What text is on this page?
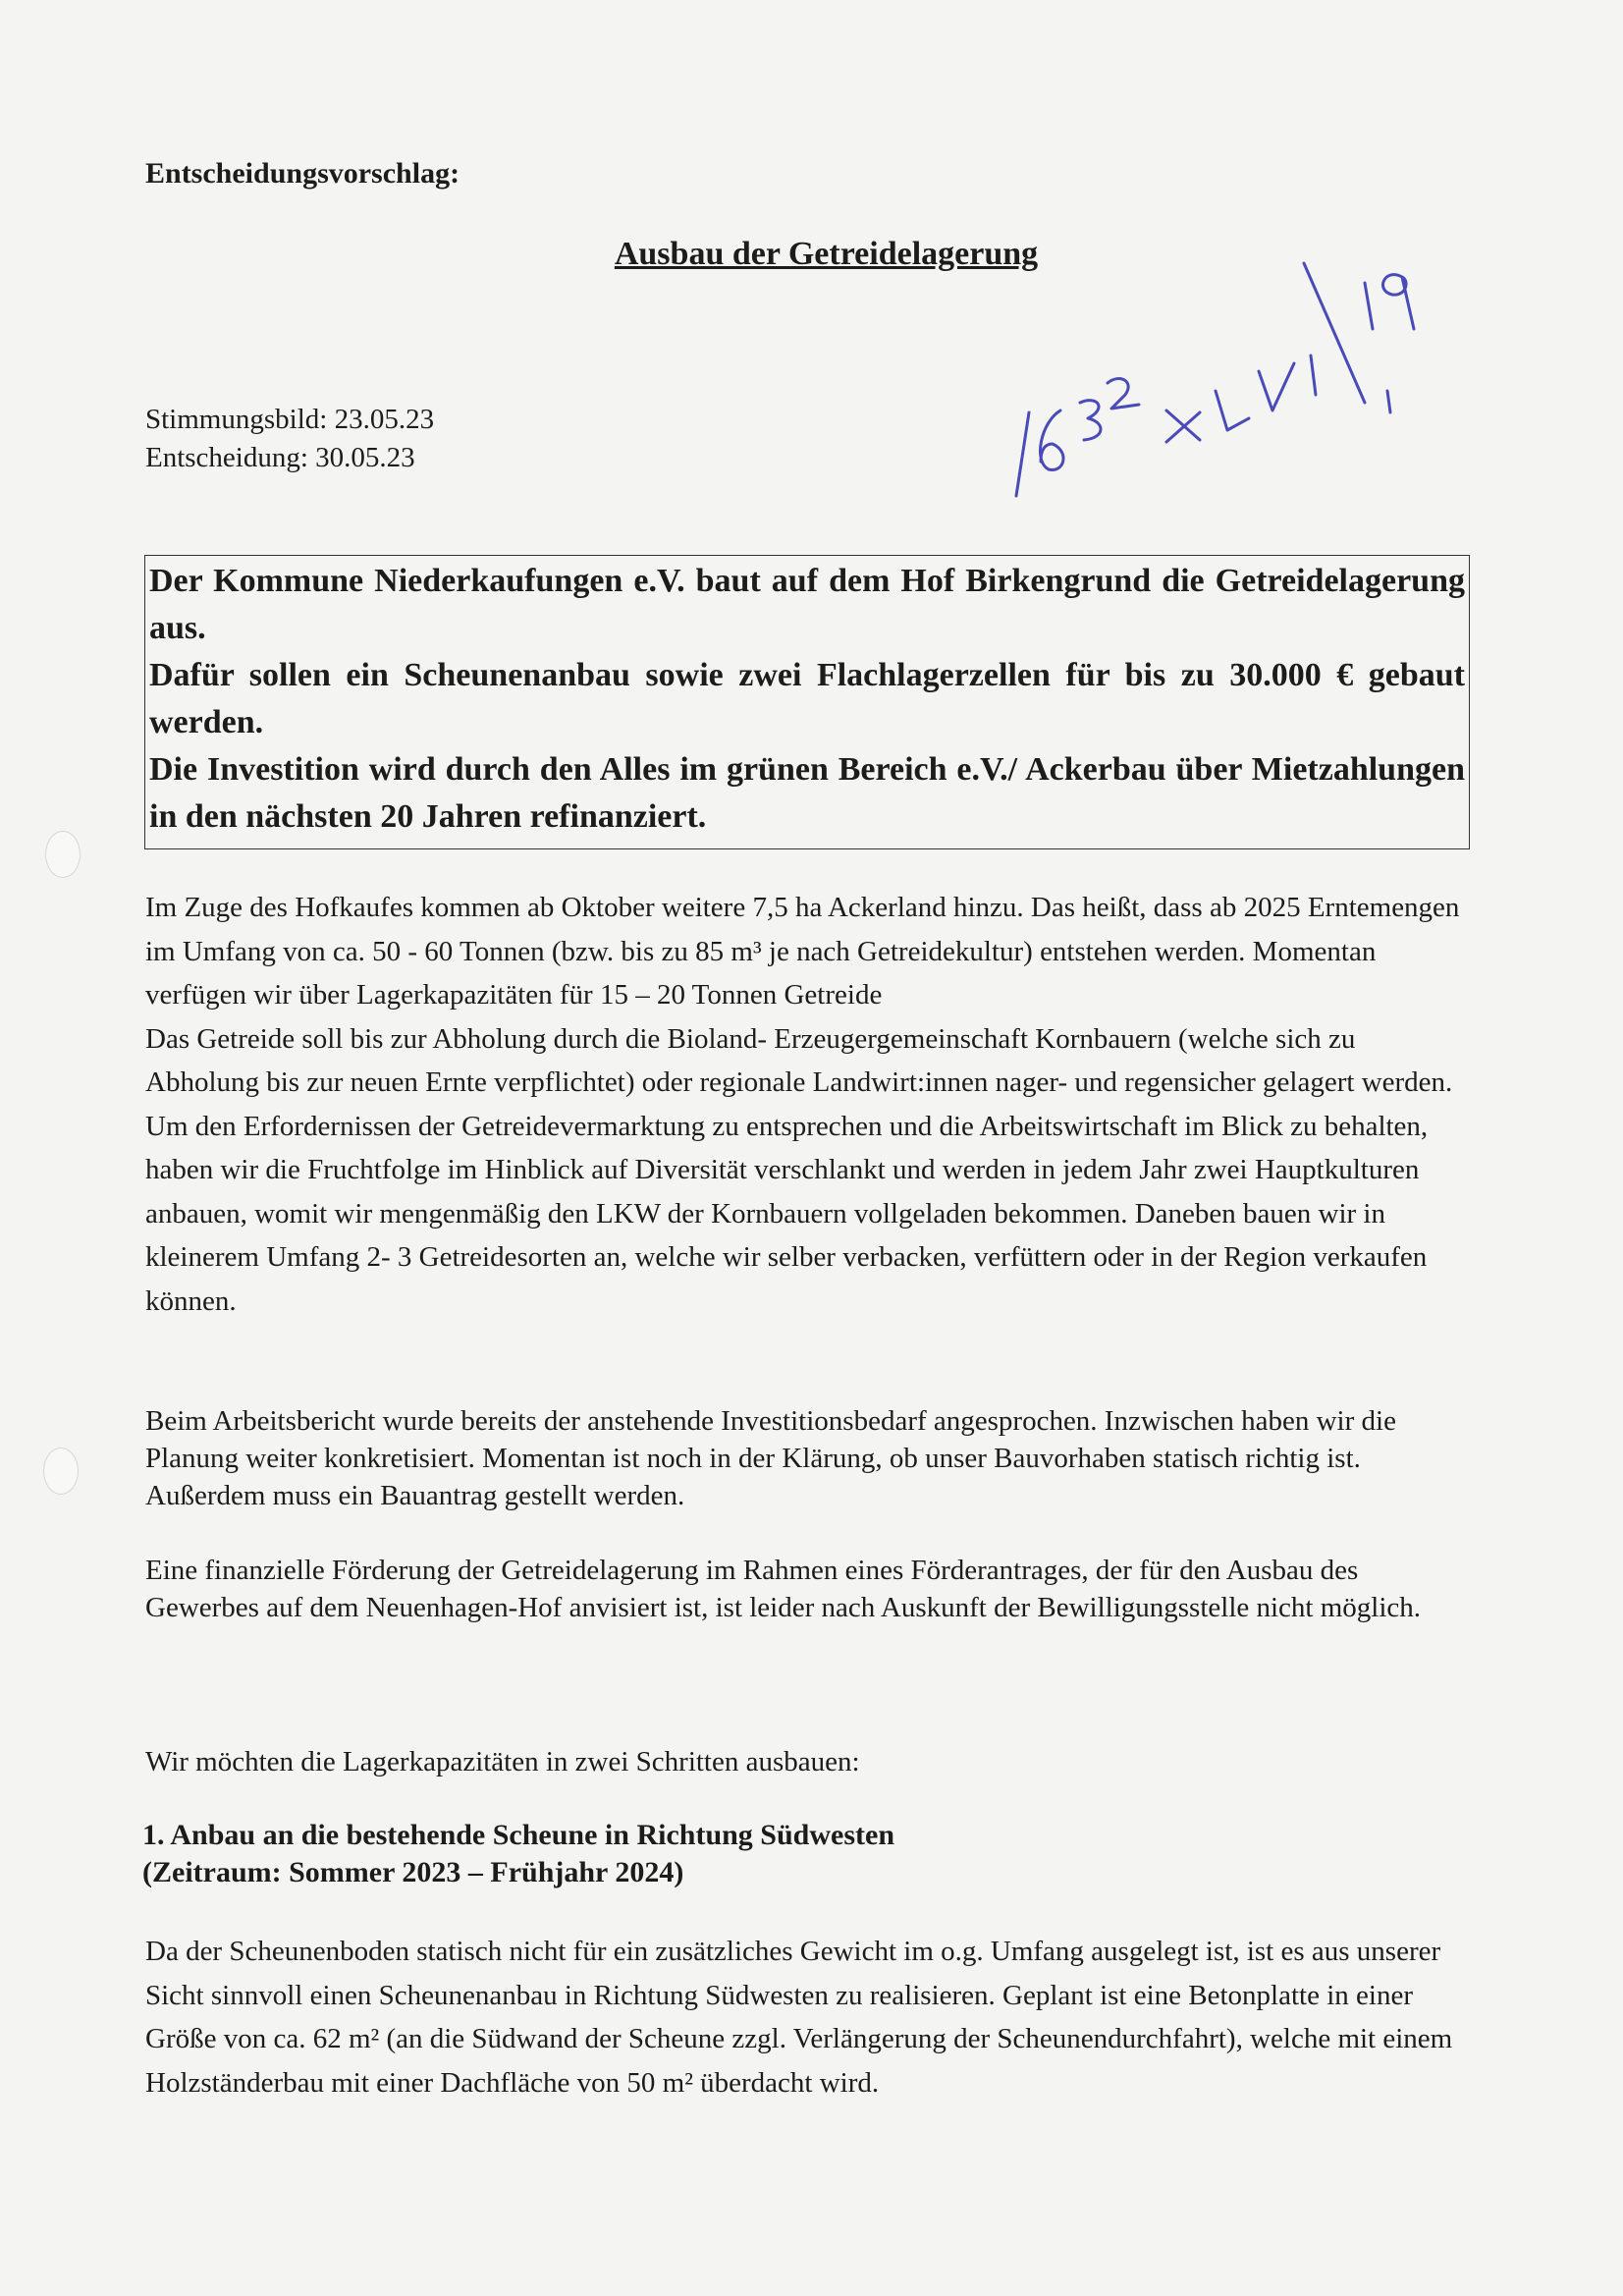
Entscheidungsvorschlag:
Ausbau der Getreidelagerung
Stimmungsbild: 23.05.23
Entscheidung: 30.05.23

Der Kommune Niederkaufungen e.V. baut auf dem Hof Birkengrund die Getreidelagerung aus.

Dafür sollen ein Scheunenanbau sowie zwei Flachlagerzellen für bis zu 30.000 € gebaut werden.

Die Investition wird durch den Alles im grünen Bereich e.V./ Ackerbau über Mietzahlungen in den nächsten 20 Jahren refinanziert.

Im Zuge des Hofkaufes kommen ab Oktober weitere 7,5 ha Ackerland hinzu. Das heißt, dass ab 2025 Erntemengen im Umfang von ca. 50 - 60 Tonnen (bzw. bis zu 85 m³ je nach Getreidekultur) entstehen werden. Momentan verfügen wir über Lagerkapazitäten für 15 – 20 Tonnen Getreide

Das Getreide soll bis zur Abholung durch die Bioland- Erzeugergemeinschaft Kornbauern (welche sich zu Abholung bis zur neuen Ernte verpflichtet) oder regionale Landwirt:innen nager- und regensicher gelagert werden.

Um den Erfordernissen der Getreidevermarktung zu entsprechen und die Arbeitswirtschaft im Blick zu behalten, haben wir die Fruchtfolge im Hinblick auf Diversität verschlankt und werden in jedem Jahr zwei Hauptkulturen anbauen, womit wir mengenmäßig den LKW der Kornbauern vollgeladen bekommen. Daneben bauen wir in kleinerem Umfang 2- 3 Getreidesorten an, welche wir selber verbacken, verfüttern oder in der Region verkaufen können.

Beim Arbeitsbericht wurde bereits der anstehende Investitionsbedarf angesprochen. Inzwischen haben wir die Planung weiter konkretisiert. Momentan ist noch in der Klärung, ob unser Bauvorhaben statisch richtig ist. Außerdem muss ein Bauantrag gestellt werden.
Eine finanzielle Förderung der Getreidelagerung im Rahmen eines Förderantrages, der für den Ausbau des Gewerbes auf dem Neuenhagen-Hof anvisiert ist, ist leider nach Auskunft der Bewilligungsstelle nicht möglich.
Wir möchten die Lagerkapazitäten in zwei Schritten ausbauen:
1. Anbau an die bestehende Scheune in Richtung Südwesten
(Zeitraum: Sommer 2023 – Frühjahr 2024)
Da der Scheunenboden statisch nicht für ein zusätzliches Gewicht im o.g. Umfang ausgelegt ist, ist es aus unserer Sicht sinnvoll einen Scheunenanbau in Richtung Südwesten zu realisieren. Geplant ist eine Betonplatte in einer Größe von ca. 62 m² (an die Südwand der Scheune zzgl. Verlängerung der Scheunendurchfahrt), welche mit einem Holzständerbau mit einer Dachfläche von 50 m² überdacht wird.
